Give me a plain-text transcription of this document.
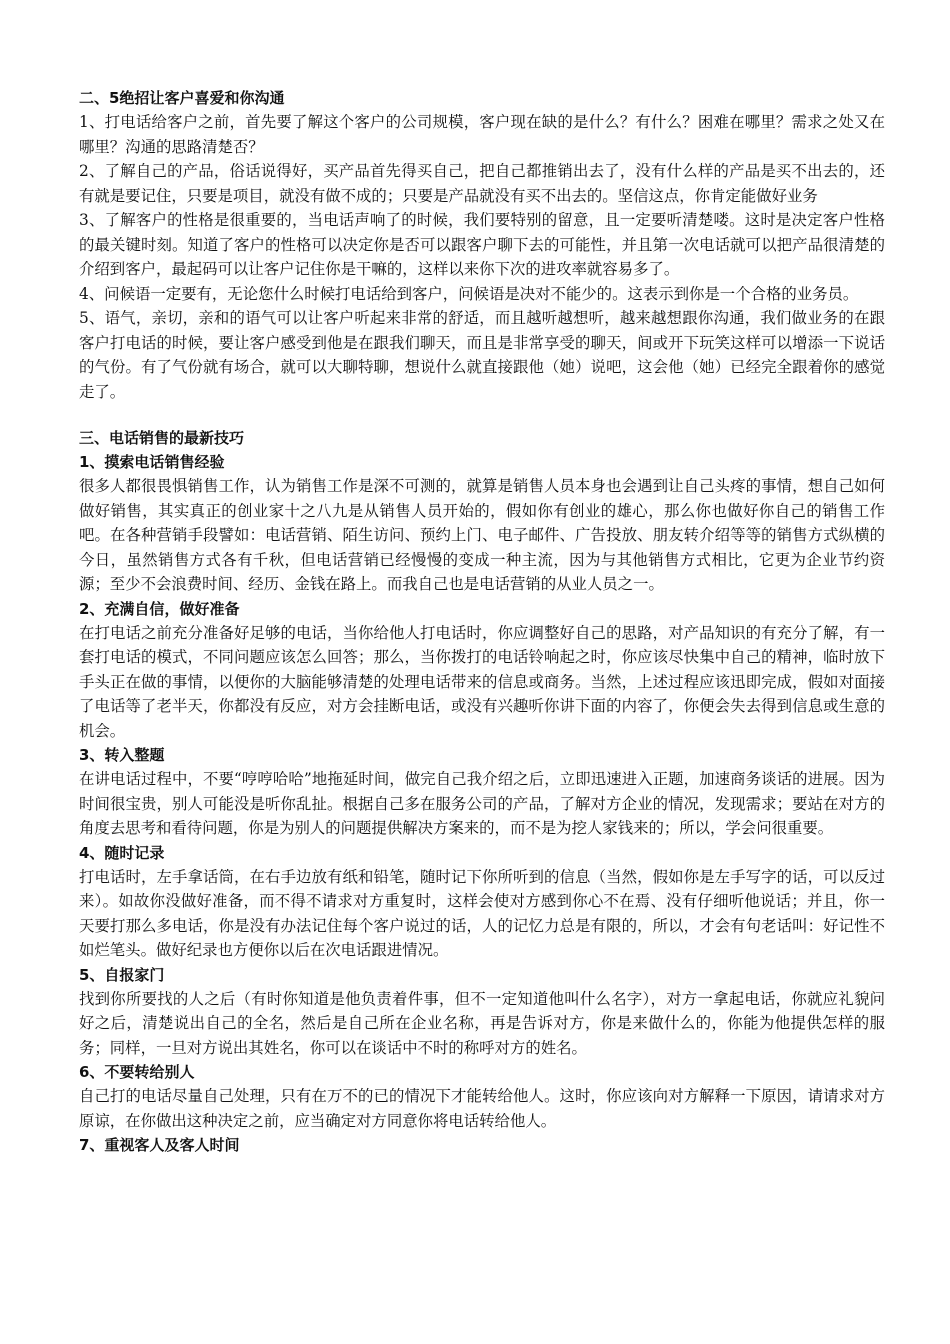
二、5绝招让客户喜爱和你沟通

1、打电话给客户之前，首先要了解这个客户的公司规模，客户现在缺的是什么？有什么？困难在哪里？需求之处又在哪里？沟通的思路清楚否？

2、了解自己的产品，俗话说得好，买产品首先得买自己，把自己都推销出去了，没有什么样的产品是买不出去的，还有就是要记住，只要是项目，就没有做不成的；只要是产品就没有买不出去的。坚信这点，你肯定能做好业务

3、了解客户的性格是很重要的，当电话声响了的时候，我们要特别的留意，且一定要听清楚喽。这时是决定客户性格的最关键时刻。知道了客户的性格可以决定你是否可以跟客户聊下去的可能性，并且第一次电话就可以把产品很清楚的介绍到客户，最起码可以让客户记住你是干嘛的，这样以来你下次的进攻率就容易多了。

4、问候语一定要有，无论您什么时候打电话给到客户，问候语是决对不能少的。这表示到你是一个合格的业务员。

5、语气，亲切，亲和的语气可以让客户听起来非常的舒适，而且越听越想听，越来越想跟你沟通，我们做业务的在跟客户打电话的时候，要让客户感受到他是在跟我们聊天，而且是非常享受的聊天，间或开下玩笑这样可以增添一下说话的气份。有了气份就有场合，就可以大聊特聊，想说什么就直接跟他（她）说吧，这会他（她）已经完全跟着你的感觉走了。

三、电话销售的最新技巧

1、摸索电话销售经验

很多人都很畏惧销售工作，认为销售工作是深不可测的，就算是销售人员本身也会遇到让自己头疼的事情，想自己如何做好销售，其实真正的创业家十之八九是从销售人员开始的，假如你有创业的雄心，那么你也做好你自己的销售工作吧。在各种营销手段譬如：电话营销、陌生访问、预约上门、电子邮件、广告投放、朋友转介绍等等的销售方式纵横的今日，虽然销售方式各有千秋，但电话营销已经慢慢的变成一种主流，因为与其他销售方式相比，它更为企业节约资源；至少不会浪费时间、经历、金钱在路上。而我自己也是电话营销的从业人员之一。

2、充满自信，做好准备

在打电话之前充分准备好足够的电话，当你给他人打电话时，你应调整好自己的思路，对产品知识的有充分了解，有一套打电话的模式，不同问题应该怎么回答；那么，当你拨打的电话铃响起之时，你应该尽快集中自己的精神，临时放下手头正在做的事情，以便你的大脑能够清楚的处理电话带来的信息或商务。当然，上述过程应该迅即完成，假如对面接了电话等了老半天，你都没有反应，对方会挂断电话，或没有兴趣听你讲下面的内容了，你便会失去得到信息或生意的机会。

3、转入整题

在讲电话过程中，不要“哼哼哈哈”地拖延时间，做完自己我介绍之后，立即迅速进入正题，加速商务谈话的进展。因为时间很宝贵，别人可能没是听你乱扯。根据自己多在服务公司的产品，了解对方企业的情况，发现需求；要站在对方的角度去思考和看待问题，你是为别人的问题提供解决方案来的，而不是为挖人家钱来的；所以，学会问很重要。

4、随时记录

打电话时，左手拿话筒，在右手边放有纸和铅笔，随时记下你所听到的信息（当然，假如你是左手写字的话，可以反过来）。如故你没做好准备，而不得不请求对方重复时，这样会使对方感到你心不在焉、没有仔细听他说话；并且，你一天要打那么多电话，你是没有办法记住每个客户说过的话，人的记忆力总是有限的，所以，才会有句老话叫：好记性不如烂笔头。做好纪录也方便你以后在次电话跟进情况。

5、自报家门

找到你所要找的人之后（有时你知道是他负责着件事，但不一定知道他叫什么名字），对方一拿起电话，你就应礼貌问好之后，清楚说出自己的全名，然后是自己所在企业名称，再是告诉对方，你是来做什么的，你能为他提供怎样的服务；同样，一旦对方说出其姓名，你可以在谈话中不时的称呼对方的姓名。

6、不要转给别人

自己打的电话尽量自己处理，只有在万不的已的情况下才能转给他人。这时，你应该向对方解释一下原因，请请求对方原谅，在你做出这种决定之前，应当确定对方同意你将电话转给他人。

7、重视客人及客人时间
